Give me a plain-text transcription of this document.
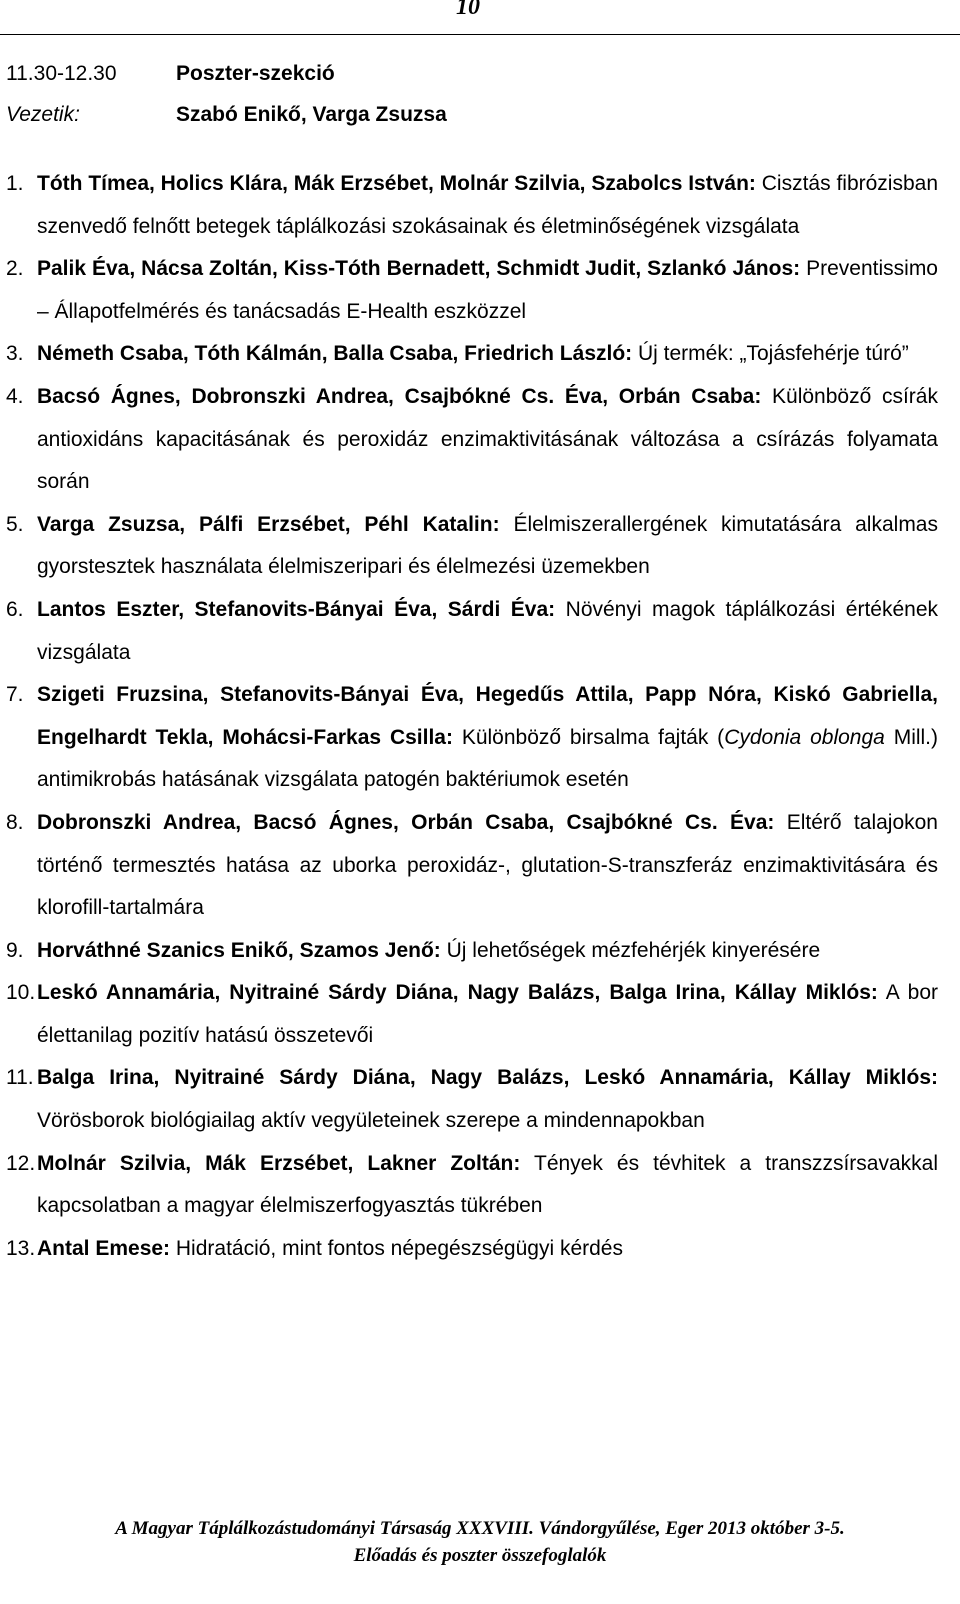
10
11.30-12.30	Poszter-szekció
Vezetik:	Szabó Enikő, Varga Zsuzsa
1. Tóth Tímea, Holics Klára, Mák Erzsébet, Molnár Szilvia, Szabolcs István: Cisztás fibrózisban szenvedő felnőtt betegek táplálkozási szokásainak és életminőségének vizsgálata
2. Palik Éva, Nácsa Zoltán, Kiss-Tóth Bernadett, Schmidt Judit, Szlankó János: Preventissimo – Állapotfelmérés és tanácsadás E-Health eszközzel
3. Németh Csaba, Tóth Kálmán, Balla Csaba, Friedrich László: Új termék: „Tojásfehérje túró”
4. Bacsó Ágnes, Dobronszki Andrea, Csajbókné Cs. Éva, Orbán Csaba: Különböző csírák antioxidáns kapacitásának és peroxidáz enzimaktivitásának változása a csírázás folyamata során
5. Varga Zsuzsa, Pálfi Erzsébet, Péhl Katalin: Élelmiszerallergének kimutatására alkalmas gyorstesztek használata élelmiszeripari és élelmezési üzemekben
6. Lantos Eszter, Stefanovits-Bányai Éva, Sárdi Éva: Növényi magok táplálkozási értékének vizsgálata
7. Szigeti Fruzsina, Stefanovits-Bányai Éva, Hegedűs Attila, Papp Nóra, Kiskó Gabriella, Engelhardt Tekla, Mohácsi-Farkas Csilla: Különböző birsalma fajták (Cydonia oblonga Mill.) antimikrobás hatásának vizsgálata patogén baktériumok esetén
8. Dobronszki Andrea, Bacsó Ágnes, Orbán Csaba, Csajbókné Cs. Éva: Eltérő talajokon történő termesztés hatása az uborka peroxidáz-, glutation-S-transzferáz enzimaktivitására és klorofill-tartalmára
9. Horváthné Szanics Enikő, Szamos Jenő: Új lehetőségek mézfehérjék kinyerésére
10. Leskó Annamária, Nyitrainé Sárdy Diána, Nagy Balázs, Balga Irina, Kállay Miklós: A bor élettanilag pozitív hatású összetevői
11. Balga Irina, Nyitrainé Sárdy Diána, Nagy Balázs, Leskó Annamária, Kállay Miklós: Vörösborok biológiailag aktív vegyületeinek szerepe a mindennapokban
12. Molnár Szilvia, Mák Erzsébet, Lakner Zoltán: Tények és tévhitek a transzzsírsavakkal kapcsolatban a magyar élelmiszerfogyasztás tükrében
13. Antal Emese: Hidratáció, mint fontos népegészségügyi kérdés
A Magyar Táplálkozástudományi Társaság XXXVIII. Vándorgyűlése, Eger 2013 október 3-5.
Előadás és poszter összefoglalók
